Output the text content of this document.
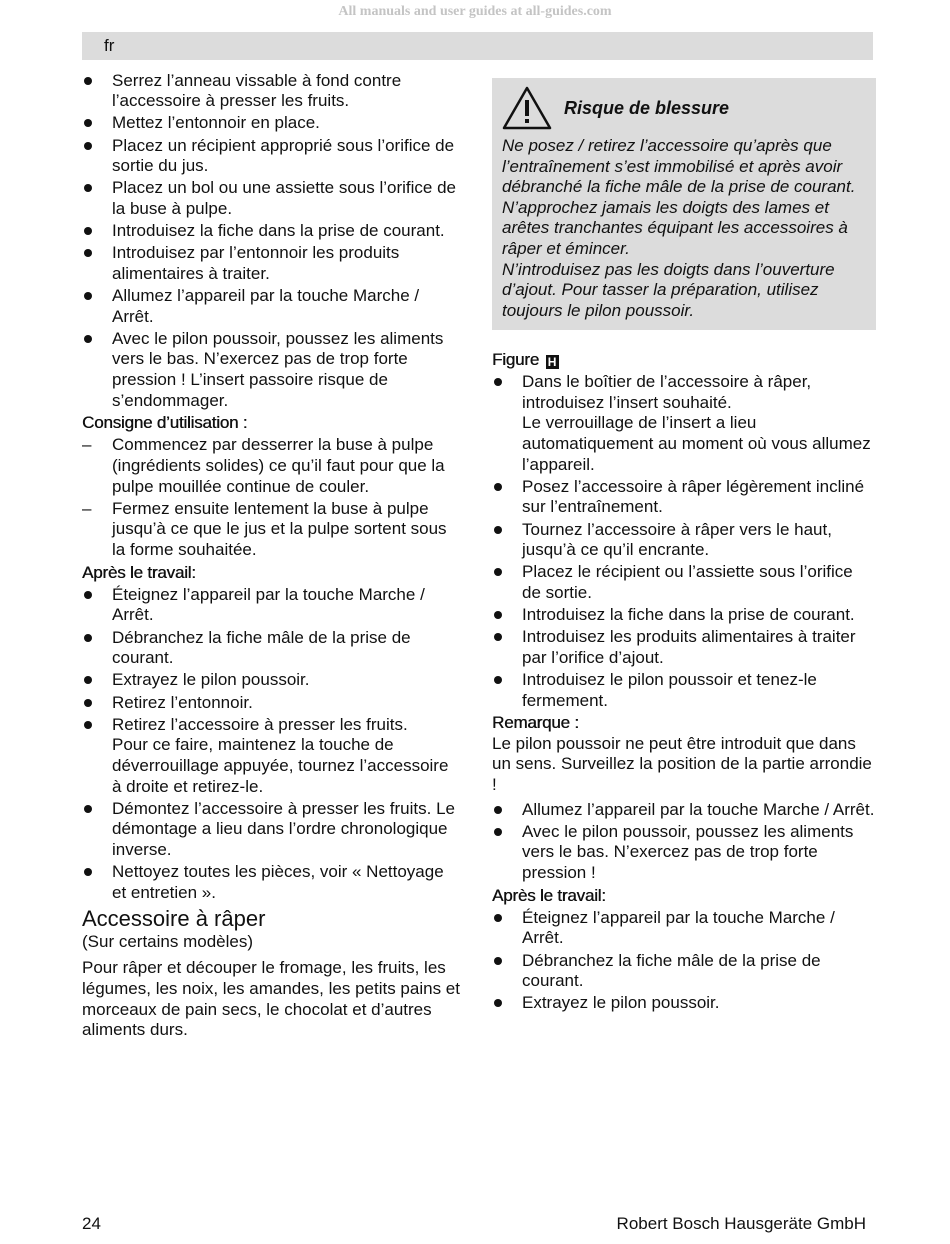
All manuals and user guides at all-guides.com
fr
Serrez l’anneau vissable à fond contre l’accessoire à presser les fruits.
Mettez l’entonnoir en place.
Placez un récipient approprié sous l’orifice de sortie du jus.
Placez un bol ou une assiette sous l’orifice de la buse à pulpe.
Introduisez la fiche dans la prise de courant.
Introduisez par l’entonnoir les produits alimentaires à traiter.
Allumez l’appareil par la touche Marche / Arrêt.
Avec le pilon poussoir, poussez les aliments vers le bas. N’exercez pas de trop forte pression ! L’insert passoire risque de s’endommager.
Consigne d’utilisation :
– Commencez par desserrer la buse à pulpe (ingrédients solides) ce qu’il faut pour que la pulpe mouillée continue de couler.
– Fermez ensuite lentement la buse à pulpe jusqu’à ce que le jus et la pulpe sortent sous la forme souhaitée.
Après le travail:
Éteignez l’appareil par la touche Marche / Arrêt.
Débranchez la fiche mâle de la prise de courant.
Extrayez le pilon poussoir.
Retirez l’entonnoir.
Retirez l’accessoire à presser les fruits.
Pour ce faire, maintenez la touche de déverrouillage appuyée, tournez l’accessoire à droite et retirez-le.
Démontez l’accessoire à presser les fruits. Le démontage a lieu dans l’ordre chronologique inverse.
Nettoyez toutes les pièces, voir « Nettoyage et entretien ».
Accessoire à râper

(Sur certains modèles)

Pour râper et découper le fromage, les fruits, les légumes, les noix, les amandes, les petits pains et morceaux de pain secs, le chocolat et d’autres aliments durs.

Risque de blessure

Ne posez / retirez l’accessoire qu’après que l’entraînement s’est immobilisé et après avoir débranché la fiche mâle de la prise de courant.

N’approchez jamais les doigts des lames et arêtes tranchantes équipant les accessoires à râper et émincer.

N’introduisez pas les doigts dans l’ouverture d’ajout. Pour tasser la préparation, utilisez toujours le pilon poussoir.

Figure H
Dans le boîtier de l’accessoire à râper, introduisez l’insert souhaité.
Le verrouillage de l’insert a lieu automatiquement au moment où vous allumez l’appareil.
Posez l’accessoire à râper légèrement incliné sur l’entraînement.
Tournez l’accessoire à râper vers le haut, jusqu’à ce qu’il encrante.
Placez le récipient ou l’assiette sous l’orifice de sortie.
Introduisez la fiche dans la prise de courant.
Introduisez les produits alimentaires à traiter par l’orifice d’ajout.
Introduisez le pilon poussoir et tenez-le fermement.
Remarque :

Le pilon poussoir ne peut être introduit que dans un sens. Surveillez la position de la partie arrondie !

Allumez l’appareil par la touche Marche / Arrêt.
Avec le pilon poussoir, poussez les aliments vers le bas. N’exercez pas de trop forte pression !
Après le travail:
Éteignez l’appareil par la touche Marche / Arrêt.
Débranchez la fiche mâle de la prise de courant.
Extrayez le pilon poussoir.
24	Robert Bosch Hausgeräte GmbH
